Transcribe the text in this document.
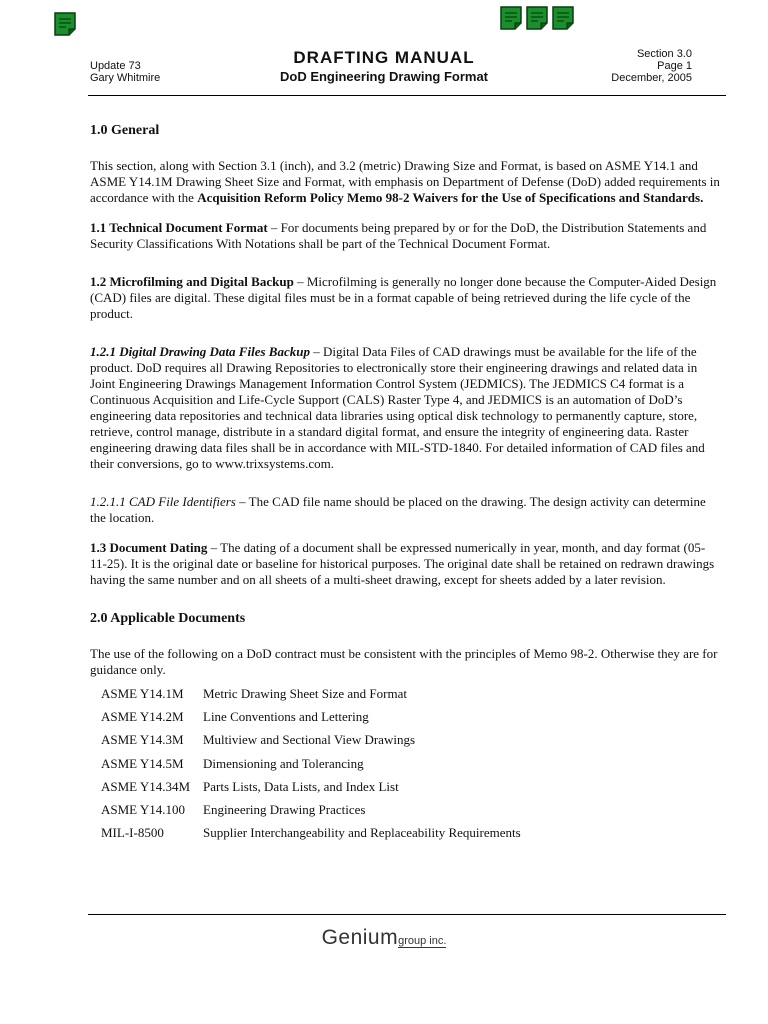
Update 73
Gary Whitmire
DRAFTING MANUAL
DoD Engineering Drawing Format
Section 3.0
Page 1
December, 2005
1.0 General

This section, along with Section 3.1 (inch), and 3.2 (metric) Drawing Size and Format, is based on ASME Y14.1 and ASME Y14.1M Drawing Sheet Size and Format, with emphasis on Department of Defense (DoD) added requirements in accordance with the Acquisition Reform Policy Memo 98-2 Waivers for the Use of Specifications and Standards.

1.1 Technical Document Format – For documents being prepared by or for the DoD, the Distribution Statements and Security Classifications With Notations shall be part of the Technical Document Format.

1.2 Microfilming and Digital Backup – Microfilming is generally no longer done because the Computer-Aided Design (CAD) files are digital. These digital files must be in a format capable of being retrieved during the life cycle of the product.

1.2.1 Digital Drawing Data Files Backup – Digital Data Files of CAD drawings must be available for the life of the product. DoD requires all Drawing Repositories to electronically store their engineering drawings and related data in Joint Engineering Drawings Management Information Control System (JEDMICS). The JEDMICS C4 format is a Continuous Acquisition and Life-Cycle Support (CALS) Raster Type 4, and JEDMICS is an automation of DoD’s engineering data repositories and technical data libraries using optical disk technology to permanently capture, store, retrieve, control manage, distribute in a standard digital format, and ensure the integrity of engineering data. Raster engineering drawing data files shall be in accordance with MIL-STD-1840. For detailed information of CAD files and their conversions, go to www.trixsystems.com.

1.2.1.1 CAD File Identifiers – The CAD file name should be placed on the drawing. The design activity can determine the location.

1.3 Document Dating – The dating of a document shall be expressed numerically in year, month, and day format (05-11-25). It is the original date or baseline for historical purposes. The original date shall be retained on redrawn drawings having the same number and on all sheets of a multi-sheet drawing, except for sheets added by a later revision.

2.0 Applicable Documents

The use of the following on a DoD contract must be consistent with the principles of Memo 98-2. Otherwise they are for guidance only.

ASME Y14.1M	Metric Drawing Sheet Size and Format
ASME Y14.2M	Line Conventions and Lettering
ASME Y14.3M	Multiview and Sectional View Drawings
ASME Y14.5M	Dimensioning and Tolerancing
ASME Y14.34M Parts Lists, Data Lists, and Index List
ASME Y14.100	Engineering Drawing Practices
MIL-I-8500	Supplier Interchangeability and Replaceability Requirements
Geniumgroup inc.
